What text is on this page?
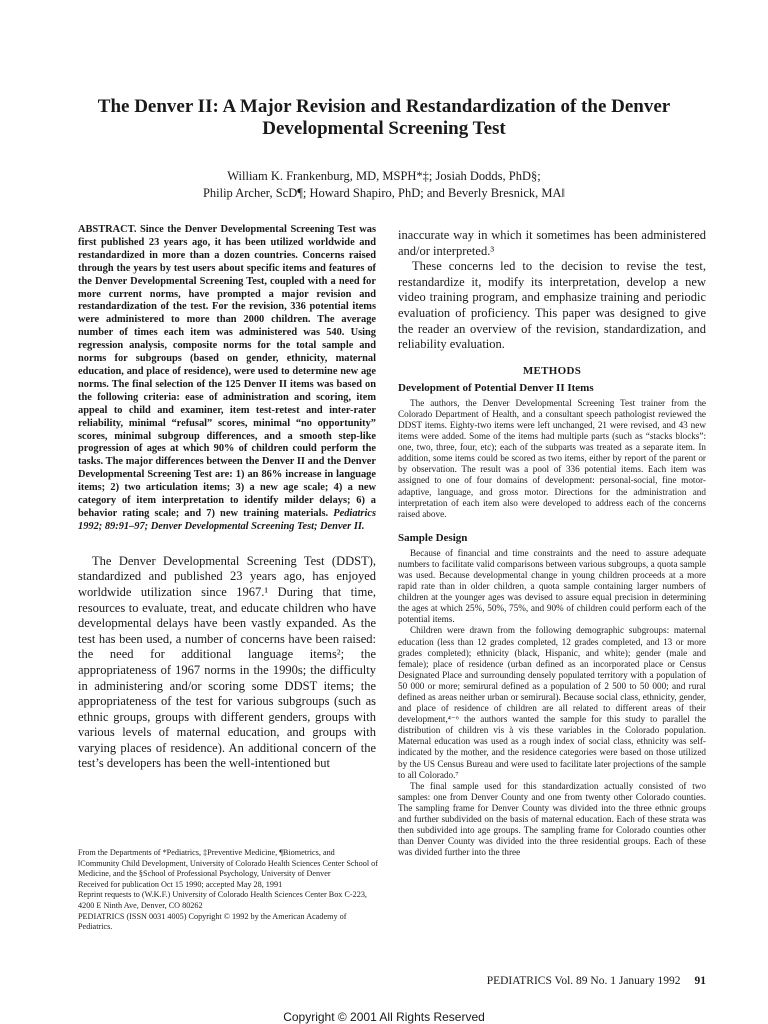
The Denver II: A Major Revision and Restandardization of the Denver Developmental Screening Test
William K. Frankenburg, MD, MSPH*‡; Josiah Dodds, PhD§;
Philip Archer, ScD¶; Howard Shapiro, PhD; and Beverly Bresnick, MA‖

ABSTRACT. Since the Denver Developmental Screening Test was first published 23 years ago, it has been utilized worldwide and restandardized in more than a dozen countries. Concerns raised through the years by test users about specific items and features of the Denver Developmental Screening Test, coupled with a need for more current norms, have prompted a major revision and restandardization of the test. For the revision, 336 potential items were administered to more than 2000 children. The average number of times each item was administered was 540. Using regression analysis, composite norms for the total sample and norms for subgroups (based on gender, ethnicity, maternal education, and place of residence), were used to determine new age norms. The final selection of the 125 Denver II items was based on the following criteria: ease of administration and scoring, item appeal to child and examiner, item test-retest and inter-rater reliability, minimal “refusal” scores, minimal “no opportunity” scores, minimal subgroup differences, and a smooth step-like progression of ages at which 90% of children could perform the tasks. The major differences between the Denver II and the Denver Developmental Screening Test are: 1) an 86% increase in language items; 2) two articulation items; 3) a new age scale; 4) a new category of item interpretation to identify milder delays; 6) a behavior rating scale; and 7) new training materials. Pediatrics 1992; 89:91–97; Denver Developmental Screening Test; Denver II.

The Denver Developmental Screening Test (DDST), standardized and published 23 years ago, has enjoyed worldwide utilization since 1967.¹ During that time, resources to evaluate, treat, and educate children who have developmental delays have been vastly expanded. As the test has been used, a number of concerns have been raised: the need for additional language items²; the appropriateness of 1967 norms in the 1990s; the difficulty in administering and/or scoring some DDST items; the appropriateness of the test for various subgroups (such as ethnic groups, groups with different genders, groups with various levels of maternal education, and groups with varying places of residence). An additional concern of the test’s developers has been the well-intentioned but

From the Departments of *Pediatrics, ‡Preventive Medicine, ¶Biometrics, and ‖Community Child Development, University of Colorado Health Sciences Center School of Medicine, and the §School of Professional Psychology, University of Denver

Received for publication Oct 15 1990; accepted May 28, 1991

Reprint requests to (W.K.F.) University of Colorado Health Sciences Center Box C-223, 4200 E Ninth Ave, Denver, CO 80262

PEDIATRICS (ISSN 0031 4005) Copyright © 1992 by the American Academy of Pediatrics.

inaccurate way in which it sometimes has been administered and/or interpreted.³

These concerns led to the decision to revise the test, restandardize it, modify its interpretation, develop a new video training program, and emphasize training and periodic evaluation of proficiency. This paper was designed to give the reader an overview of the revision, standardization, and reliability evaluation.

METHODS
Development of Potential Denver II Items

The authors, the Denver Developmental Screening Test trainer from the Colorado Department of Health, and a consultant speech pathologist reviewed the DDST items. Eighty-two items were left unchanged, 21 were revised, and 43 new items were added. Some of the items had multiple parts (such as “stacks blocks”: one, two, three, four, etc); each of the subparts was treated as a separate item. In addition, some items could be scored as two items, either by report of the parent or by observation. The result was a pool of 336 potential items. Each item was assigned to one of four domains of development: personal-social, fine motor-adaptive, language, and gross motor. Directions for the administration and interpretation of each item also were developed to address each of the concerns raised above.

Sample Design

Because of financial and time constraints and the need to assure adequate numbers to facilitate valid comparisons between various subgroups, a quota sample was used. Because developmental change in young children proceeds at a more rapid rate than in older children, a quota sample containing larger numbers of children at the younger ages was devised to assure equal precision in determining the ages at which 25%, 50%, 75%, and 90% of children could perform each of the potential items.

Children were drawn from the following demographic subgroups: maternal education (less than 12 grades completed, 12 grades completed, and 13 or more grades completed); ethnicity (black, Hispanic, and white); gender (male and female); place of residence (urban defined as an incorporated place or Census Designated Place and surrounding densely populated territory with a population of 50 000 or more; semirural defined as a population of 2 500 to 50 000; and rural defined as areas neither urban or semirural). Because social class, ethnicity, gender, and place of residence of children are all related to different areas of their development,⁴⁻⁶ the authors wanted the sample for this study to parallel the distribution of children vis à vis these variables in the Colorado population. Maternal education was used as a rough index of social class, ethnicity was self-indicated by the mother, and the residence categories were based on those utilized by the US Census Bureau and were used to facilitate later projections of the sample to all Colorado.⁷

The final sample used for this standardization actually consisted of two samples: one from Denver County and one from twenty other Colorado counties. The sampling frame for Denver County was divided into the three ethnic groups and further subdivided on the basis of maternal education. Each of these strata was then subdivided into age groups. The sampling frame for Colorado counties other than Denver County was divided into the three residential groups. Each of these was divided further into the three

PEDIATRICS Vol. 89 No. 1 January 1992 91
Copyright © 2001 All Rights Reserved
